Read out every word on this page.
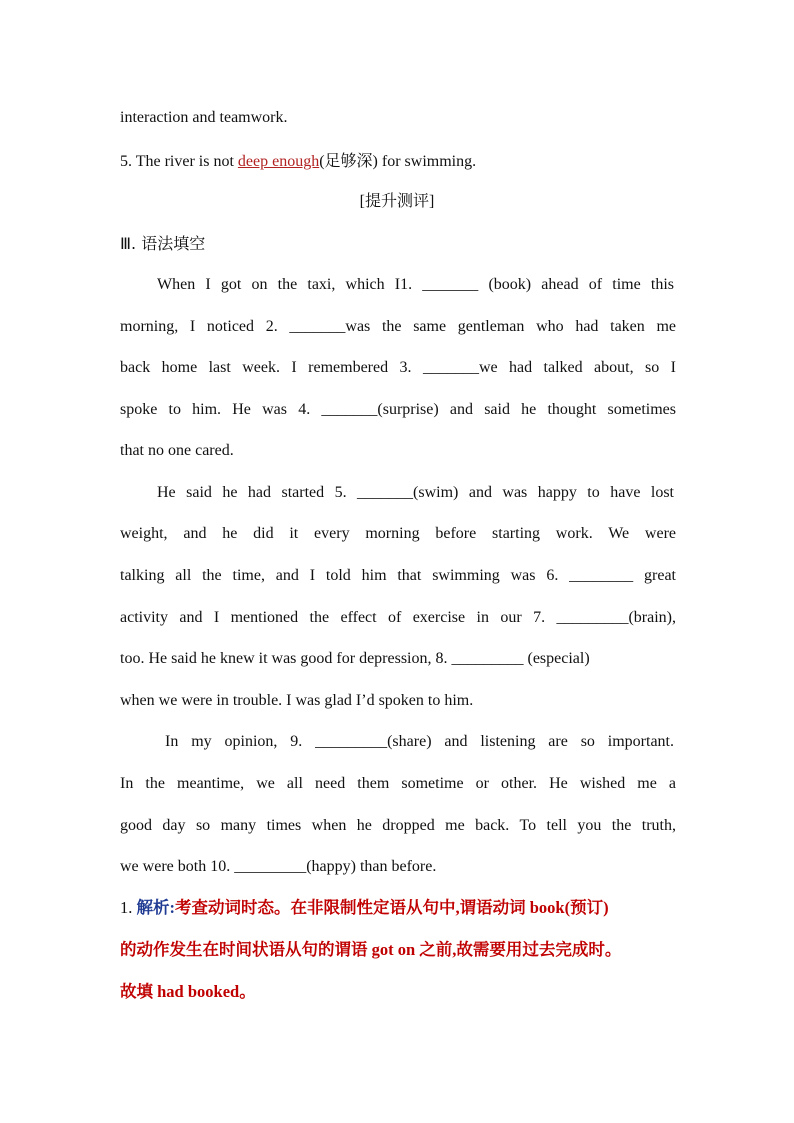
interaction and teamwork.
5. The river is not deep enough(足够深) for swimming.
[提升测评]
Ⅲ. 语法填空
When I got on the taxi, which I1. _______ (book) ahead of time this
morning, I noticed 2. _______was the same gentleman who had taken me
back home last week. I remembered 3. _______we had talked about, so I
spoke to him. He was 4. _______(surprise) and said he thought sometimes
that no one cared.
He said he had started 5. _______(swim) and was happy to have lost
weight, and he did it every morning before starting work. We were
talking all the time, and I told him that swimming was 6. ________ great
activity and I mentioned the effect of exercise in our 7. _________(brain),
too. He said he knew it was good for depression, 8. _________ (especial)
when we were in trouble. I was glad I’d spoken to him.
In my opinion, 9. _________(share) and listening are so important.
In the meantime, we all need them sometime or other. He wished me a
good day so many times when he dropped me back. To tell you the truth,
we were both 10. _________(happy) than before.
1. 解析:考查动词时态。在非限制性定语从句中,谓语动词 book(预订)
的动作发生在时间状语从句的谓语 got on 之前,故需要用过去完成时。
故填 had booked。
